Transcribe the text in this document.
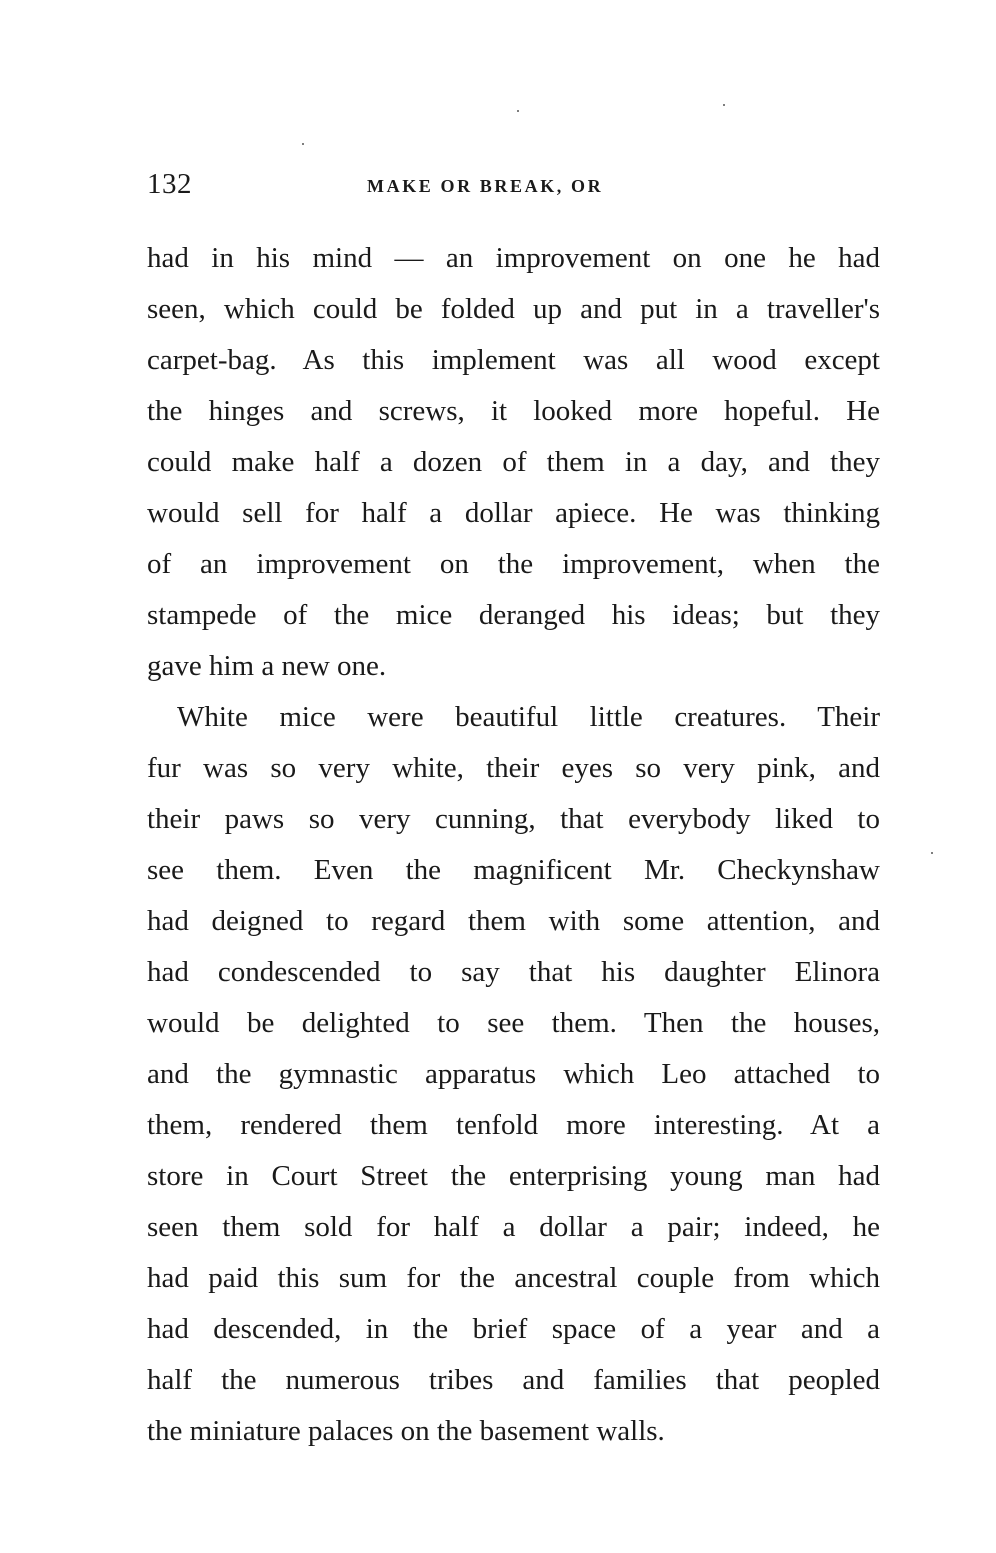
132	MAKE OR BREAK, OR
had in his mind — an improvement on one he had
seen, which could be folded up and put in a traveller's
carpet-bag. As this implement was all wood except
the hinges and screws, it looked more hopeful. He
could make half a dozen of them in a day, and they
would sell for half a dollar apiece. He was thinking
of an improvement on the improvement, when the
stampede of the mice deranged his ideas; but they
gave him a new one.
White mice were beautiful little creatures. Their
fur was so very white, their eyes so very pink, and
their paws so very cunning, that everybody liked to
see them. Even the magnificent Mr. Checkynshaw
had deigned to regard them with some attention, and
had condescended to say that his daughter Elinora
would be delighted to see them. Then the houses,
and the gymnastic apparatus which Leo attached to
them, rendered them tenfold more interesting. At a
store in Court Street the enterprising young man had
seen them sold for half a dollar a pair; indeed, he
had paid this sum for the ancestral couple from which
had descended, in the brief space of a year and a
half the numerous tribes and families that peopled
the miniature palaces on the basement walls.
